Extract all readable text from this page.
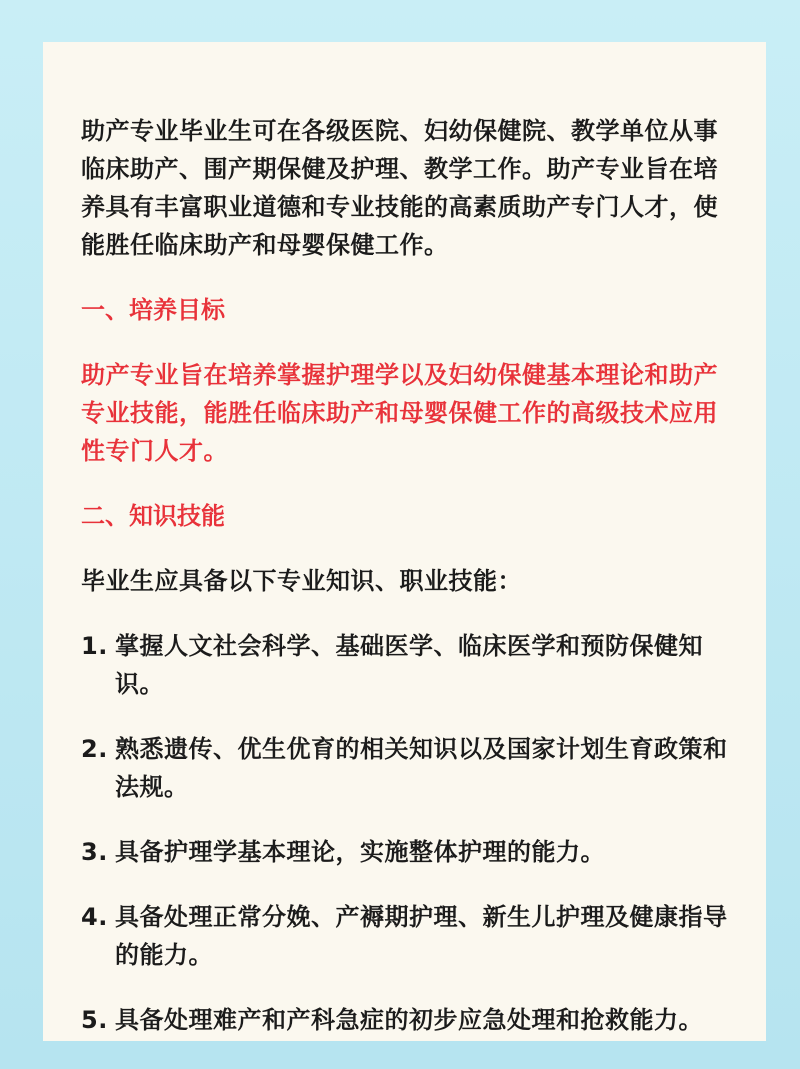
助产专业毕业生可在各级医院、妇幼保健院、教学单位从事临床助产、围产期保健及护理、教学工作。助产专业旨在培养具有丰富职业道德和专业技能的高素质助产专门人才，使能胜任临床助产和母婴保健工作。

一、培养目标

助产专业旨在培养掌握护理学以及妇幼保健基本理论和助产专业技能，能胜任临床助产和母婴保健工作的高级技术应用性专门人才。

二、知识技能

毕业生应具备以下专业知识、职业技能：

1. 掌握人文社会科学、基础医学、临床医学和预防保健知识。
2. 熟悉遗传、优生优育的相关知识以及国家计划生育政策和法规。
3. 具备护理学基本理论，实施整体护理的能力。
4. 具备处理正常分娩、产褥期护理、新生儿护理及健康指导的能力。
5. 具备处理难产和产科急症的初步应急处理和抢救能力。
